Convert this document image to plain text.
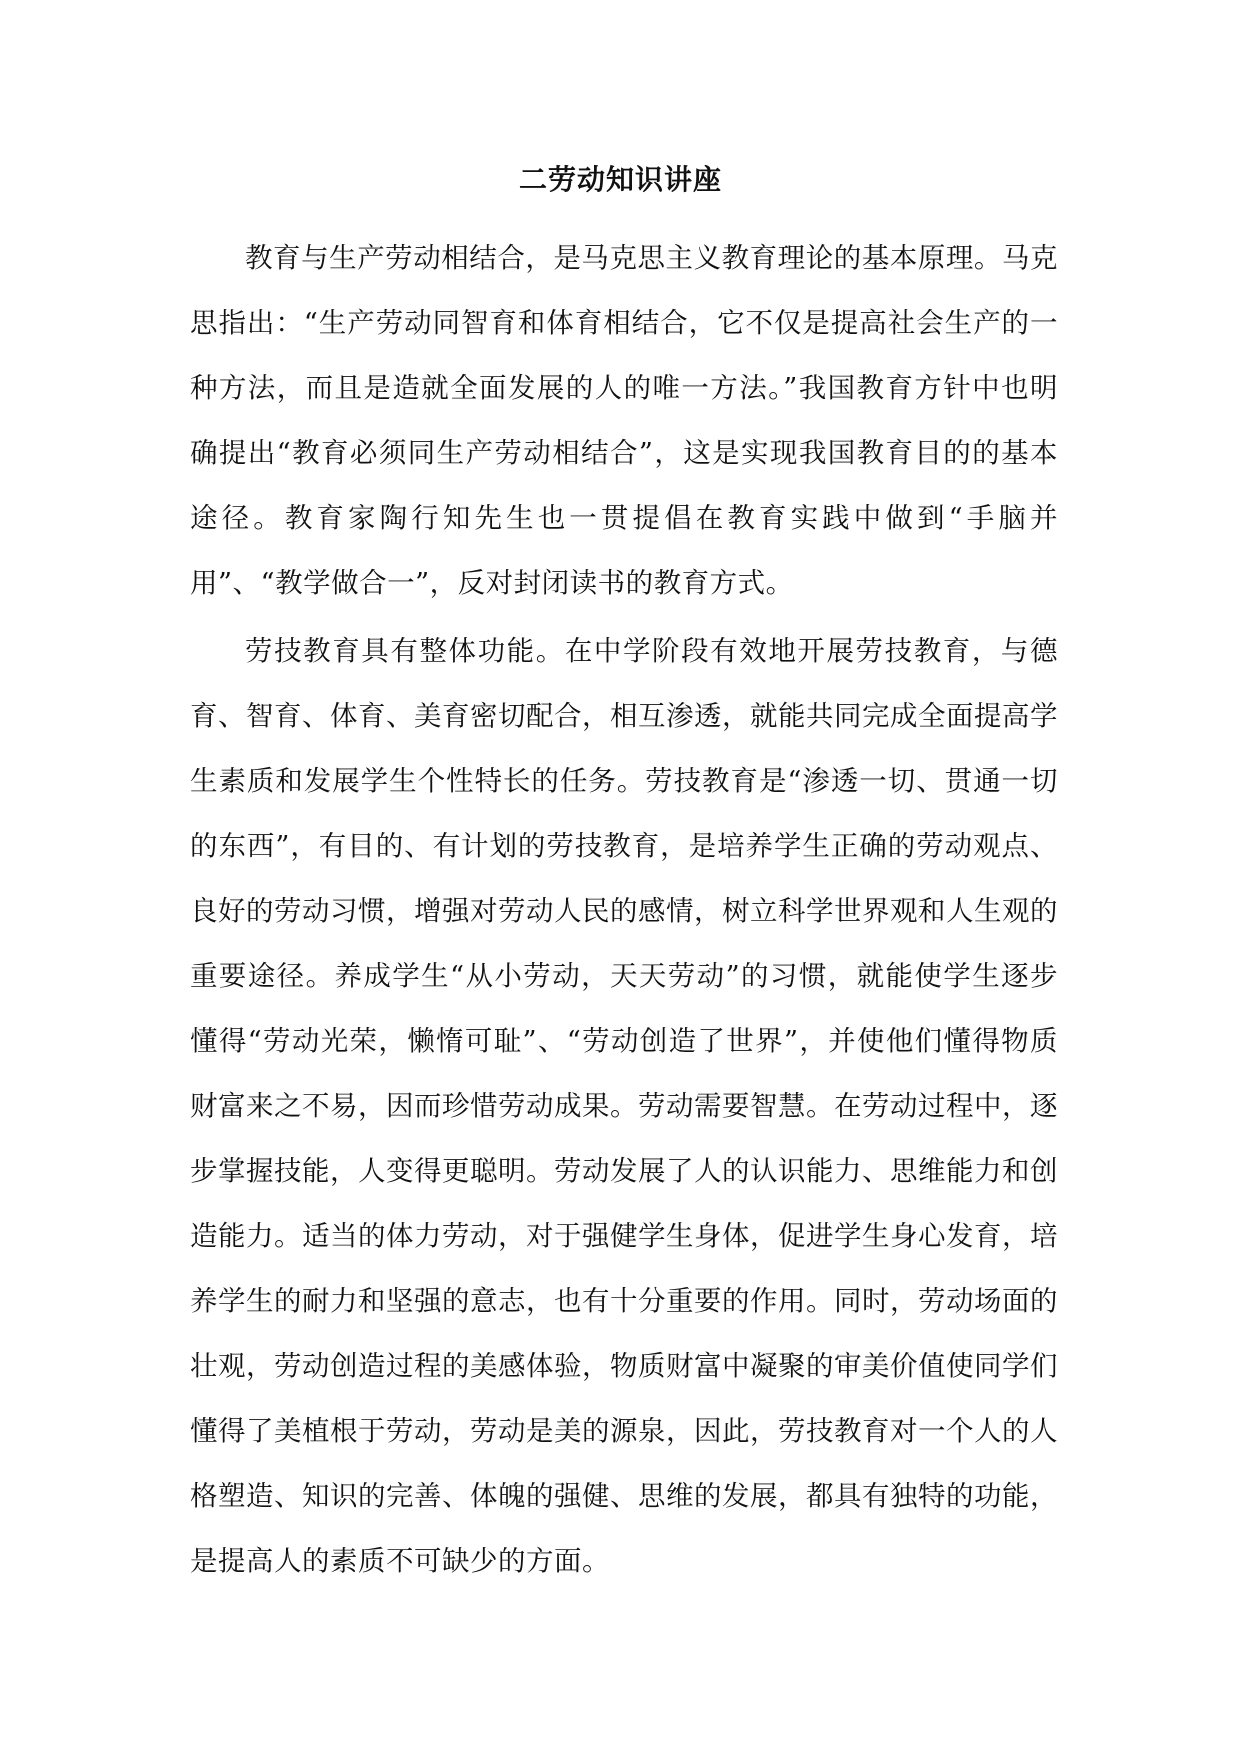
二劳动知识讲座

教育与生产劳动相结合，是马克思主义教育理论的基本原理。马克思指出：“生产劳动同智育和体育相结合，它不仅是提高社会生产的一种方法，而且是造就全面发展的人的唯一方法。”我国教育方针中也明确提出“教育必须同生产劳动相结合”，这是实现我国教育目的的基本途径。教育家陶行知先生也一贯提倡在教育实践中做到“手脑并用”、“教学做合一”，反对封闭读书的教育方式。

劳技教育具有整体功能。在中学阶段有效地开展劳技教育，与德育、智育、体育、美育密切配合，相互渗透，就能共同完成全面提高学生素质和发展学生个性特长的任务。劳技教育是“渗透一切、贯通一切的东西”，有目的、有计划的劳技教育，是培养学生正确的劳动观点、良好的劳动习惯，增强对劳动人民的感情，树立科学世界观和人生观的重要途径。养成学生“从小劳动，天天劳动”的习惯，就能使学生逐步懂得“劳动光荣，懒惰可耻”、“劳动创造了世界”，并使他们懂得物质财富来之不易，因而珍惜劳动成果。劳动需要智慧。在劳动过程中，逐步掌握技能，人变得更聪明。劳动发展了人的认识能力、思维能力和创造能力。适当的体力劳动，对于强健学生身体，促进学生身心发育，培养学生的耐力和坚强的意志，也有十分重要的作用。同时，劳动场面的壮观，劳动创造过程的美感体验，物质财富中凝聚的审美价值使同学们懂得了美植根于劳动，劳动是美的源泉，因此，劳技教育对一个人的人格塑造、知识的完善、体魄的强健、思维的发展，都具有独特的功能，是提高人的素质不可缺少的方面。
